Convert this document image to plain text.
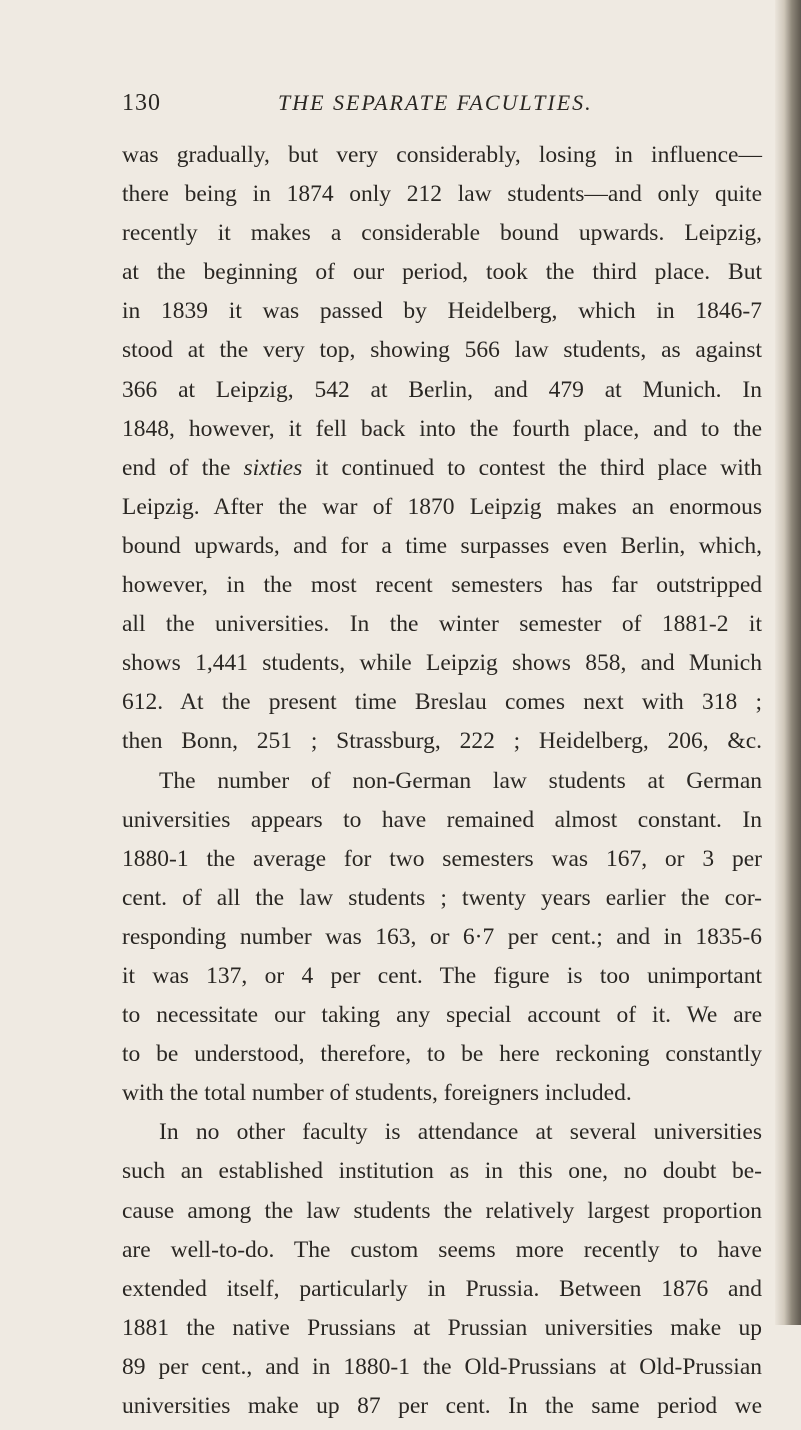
130	THE SEPARATE FACULTIES.
was gradually, but very considerably, losing in influence—
there being in 1874 only 212 law students—and only quite
recently it makes a considerable bound upwards. Leipzig,
at the beginning of our period, took the third place. But
in 1839 it was passed by Heidelberg, which in 1846-7
stood at the very top, showing 566 law students, as against
366 at Leipzig, 542 at Berlin, and 479 at Munich. In
1848, however, it fell back into the fourth place, and to the
end of the sixties it continued to contest the third place with
Leipzig. After the war of 1870 Leipzig makes an enormous
bound upwards, and for a time surpasses even Berlin, which,
however, in the most recent semesters has far outstripped
all the universities. In the winter semester of 1881-2 it
shows 1,441 students, while Leipzig shows 858, and Munich
612. At the present time Breslau comes next with 318 ;
then Bonn, 251 ; Strassburg, 222 ; Heidelberg, 206, &c.
The number of non-German law students at German
universities appears to have remained almost constant. In
1880-1 the average for two semesters was 167, or 3 per
cent. of all the law students ; twenty years earlier the cor-
responding number was 163, or 6·7 per cent.; and in 1835-6
it was 137, or 4 per cent. The figure is too unimportant
to necessitate our taking any special account of it. We are
to be understood, therefore, to be here reckoning constantly
with the total number of students, foreigners included.
In no other faculty is attendance at several universities
such an established institution as in this one, no doubt be-
cause among the law students the relatively largest proportion
are well-to-do. The custom seems more recently to have
extended itself, particularly in Prussia. Between 1876 and
1881 the native Prussians at Prussian universities make up
89 per cent., and in 1880-1 the Old-Prussians at Old-Prussian
universities make up 87 per cent. In the same period we
